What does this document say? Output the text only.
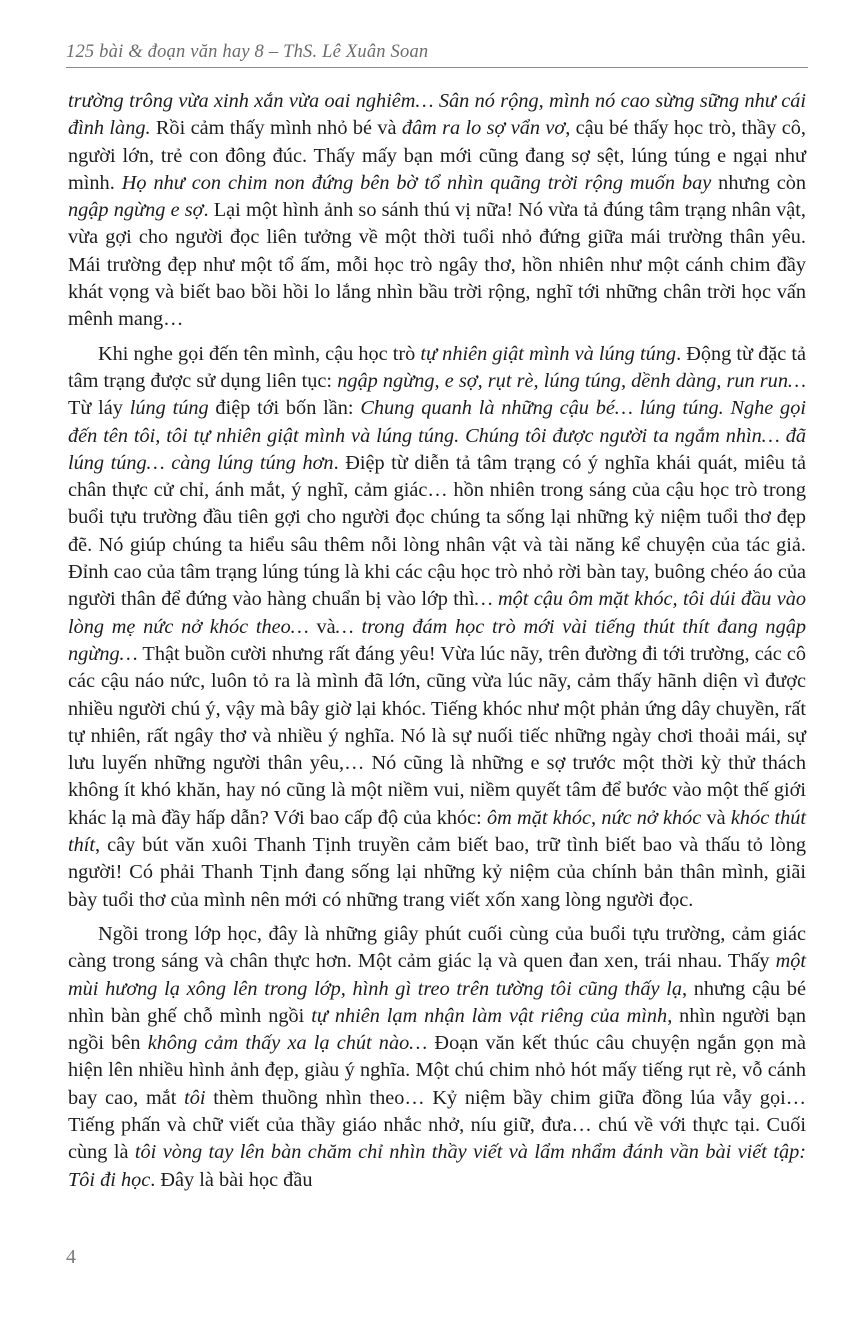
125 bài & đoạn văn hay 8 – ThS. Lê Xuân Soan

trường trông vừa xinh xắn vừa oai nghiêm… Sân nó rộng, mình nó cao sừng sững như cái đình làng. Rồi cảm thấy mình nhỏ bé và đâm ra lo sợ vẩn vơ, cậu bé thấy học trò, thầy cô, người lớn, trẻ con đông đúc. Thấy mấy bạn mới cũng đang sợ sệt, lúng túng e ngại như mình. Họ như con chim non đứng bên bờ tổ nhìn quãng trời rộng muốn bay nhưng còn ngập ngừng e sợ. Lại một hình ảnh so sánh thú vị nữa! Nó vừa tả đúng tâm trạng nhân vật, vừa gợi cho người đọc liên tưởng về một thời tuổi nhỏ đứng giữa mái trường thân yêu. Mái trường đẹp như một tổ ấm, mỗi học trò ngây thơ, hồn nhiên như một cánh chim đầy khát vọng và biết bao bồi hồi lo lắng nhìn bầu trời rộng, nghĩ tới những chân trời học vấn mênh mang…

Khi nghe gọi đến tên mình, cậu học trò tự nhiên giật mình và lúng túng. Động từ đặc tả tâm trạng được sử dụng liên tục: ngập ngừng, e sợ, rụt rè, lúng túng, dềnh dàng, run run… Từ láy lúng túng điệp tới bốn lần: Chung quanh là những cậu bé… lúng túng. Nghe gọi đến tên tôi, tôi tự nhiên giật mình và lúng túng. Chúng tôi được người ta ngắm nhìn… đã lúng túng… càng lúng túng hơn. Điệp từ diễn tả tâm trạng có ý nghĩa khái quát, miêu tả chân thực cử chỉ, ánh mắt, ý nghĩ, cảm giác… hồn nhiên trong sáng của cậu học trò trong buổi tựu trường đầu tiên gợi cho người đọc chúng ta sống lại những kỷ niệm tuổi thơ đẹp đẽ. Nó giúp chúng ta hiểu sâu thêm nỗi lòng nhân vật và tài năng kể chuyện của tác giả. Đỉnh cao của tâm trạng lúng túng là khi các cậu học trò nhỏ rời bàn tay, buông chéo áo của người thân để đứng vào hàng chuẩn bị vào lớp thì… một cậu ôm mặt khóc, tôi dúi đầu vào lòng mẹ nức nở khóc theo… và… trong đám học trò mới vài tiếng thút thít đang ngập ngừng… Thật buồn cười nhưng rất đáng yêu! Vừa lúc nãy, trên đường đi tới trường, các cô các cậu náo nức, luôn tỏ ra là mình đã lớn, cũng vừa lúc nãy, cảm thấy hãnh diện vì được nhiều người chú ý, vậy mà bây giờ lại khóc. Tiếng khóc như một phản ứng dây chuyền, rất tự nhiên, rất ngây thơ và nhiều ý nghĩa. Nó là sự nuối tiếc những ngày chơi thoải mái, sự lưu luyến những người thân yêu,… Nó cũng là những e sợ trước một thời kỳ thử thách không ít khó khăn, hay nó cũng là một niềm vui, niềm quyết tâm để bước vào một thế giới khác lạ mà đầy hấp dẫn? Với bao cấp độ của khóc: ôm mặt khóc, nức nở khóc và khóc thút thít, cây bút văn xuôi Thanh Tịnh truyền cảm biết bao, trữ tình biết bao và thấu tỏ lòng người! Có phải Thanh Tịnh đang sống lại những kỷ niệm của chính bản thân mình, giãi bày tuổi thơ của mình nên mới có những trang viết xốn xang lòng người đọc.

Ngồi trong lớp học, đây là những giây phút cuối cùng của buổi tựu trường, cảm giác càng trong sáng và chân thực hơn. Một cảm giác lạ và quen đan xen, trái nhau. Thấy một mùi hương lạ xông lên trong lớp, hình gì treo trên tường tôi cũng thấy lạ, nhưng cậu bé nhìn bàn ghế chỗ mình ngồi tự nhiên lạm nhận làm vật riêng của mình, nhìn người bạn ngồi bên không cảm thấy xa lạ chút nào… Đoạn văn kết thúc câu chuyện ngắn gọn mà hiện lên nhiều hình ảnh đẹp, giàu ý nghĩa. Một chú chim nhỏ hót mấy tiếng rụt rè, vỗ cánh bay cao, mắt tôi thèm thuồng nhìn theo… Kỷ niệm bầy chim giữa đồng lúa vẫy gọi… Tiếng phấn và chữ viết của thầy giáo nhắc nhở, níu giữ, đưa… chú về với thực tại. Cuối cùng là tôi vòng tay lên bàn chăm chỉ nhìn thầy viết và lẩm nhẩm đánh vần bài viết tập: Tôi đi học. Đây là bài học đầu

4
